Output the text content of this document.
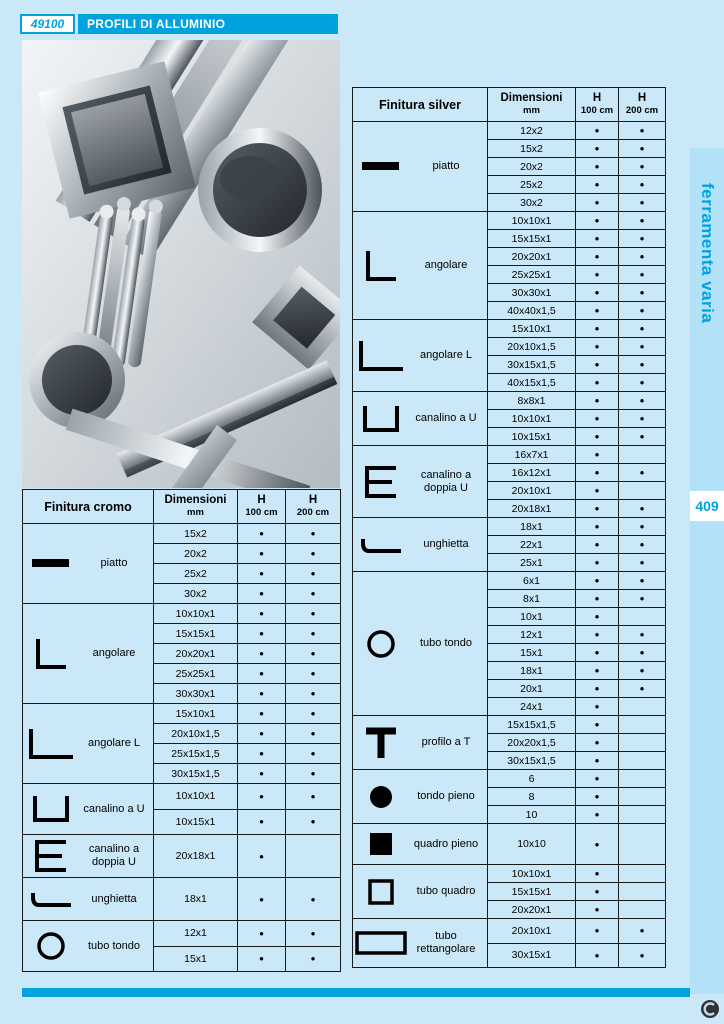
49100 PROFILI DI ALLUMINIO
ferramenta varia
409
Finitura cromo	Dimensioni
mm

H
100 cm

H
200 cm

piatto	15x2	•	•
	20x2	•	•
	25x2	•	•
	30x2	•	•

angolare	10x10x1	•	•
	15x15x1	•	•
	20x20x1	•	•
	25x25x1	•	•
	30x30x1	•	•

angolare L	15x10x1	•	•
	20x10x1,5	•	•
	25x15x1,5	•	•
	30x15x1,5	•	•

canalino a U	10x10x1	•	•
	10x15x1	•	•

canalino a doppia U	20x18x1	•	

unghietta	18x1	•	•

tubo tondo	12x1	•	•
	15x1	•	•
Finitura silver	Dimensioni
mm

H
100 cm

H
200 cm

piatto	12x2	•	•
	15x2	•	•
	20x2	•	•
	25x2	•	•
	30x2	•	•

angolare	10x10x1	•	•
	15x15x1	•	•
	20x20x1	•	•
	25x25x1	•	•
	30x30x1	•	•
	40x40x1,5	•	•

angolare L	15x10x1	•	•
	20x10x1,5	•	•
	30x15x1,5	•	•
	40x15x1,5	•	•

canalino a U	8x8x1	•	•
	10x10x1	•	•
	10x15x1	•	•

canalino a doppia U	16x7x1	•	
	16x12x1	•	•
	20x10x1	•	
	20x18x1	•	•

unghietta	18x1	•	•
	22x1	•	•
	25x1	•	•

tubo tondo	6x1	•	•
	8x1	•	•
	10x1	•	
	12x1	•	•
	15x1	•	•
	18x1	•	•
	20x1	•	•
	24x1	•	

profilo a T	15x15x1,5	•	
	20x20x1,5	•	
	30x15x1,5	•	

tondo pieno	6	•	
	8	•	
	10	•	

quadro pieno	10x10	•	

tubo quadro	10x10x1	•	
	15x15x1	•	
	20x20x1	•	

tubo rettangolare	20x10x1	•	•
	30x15x1	•	•
